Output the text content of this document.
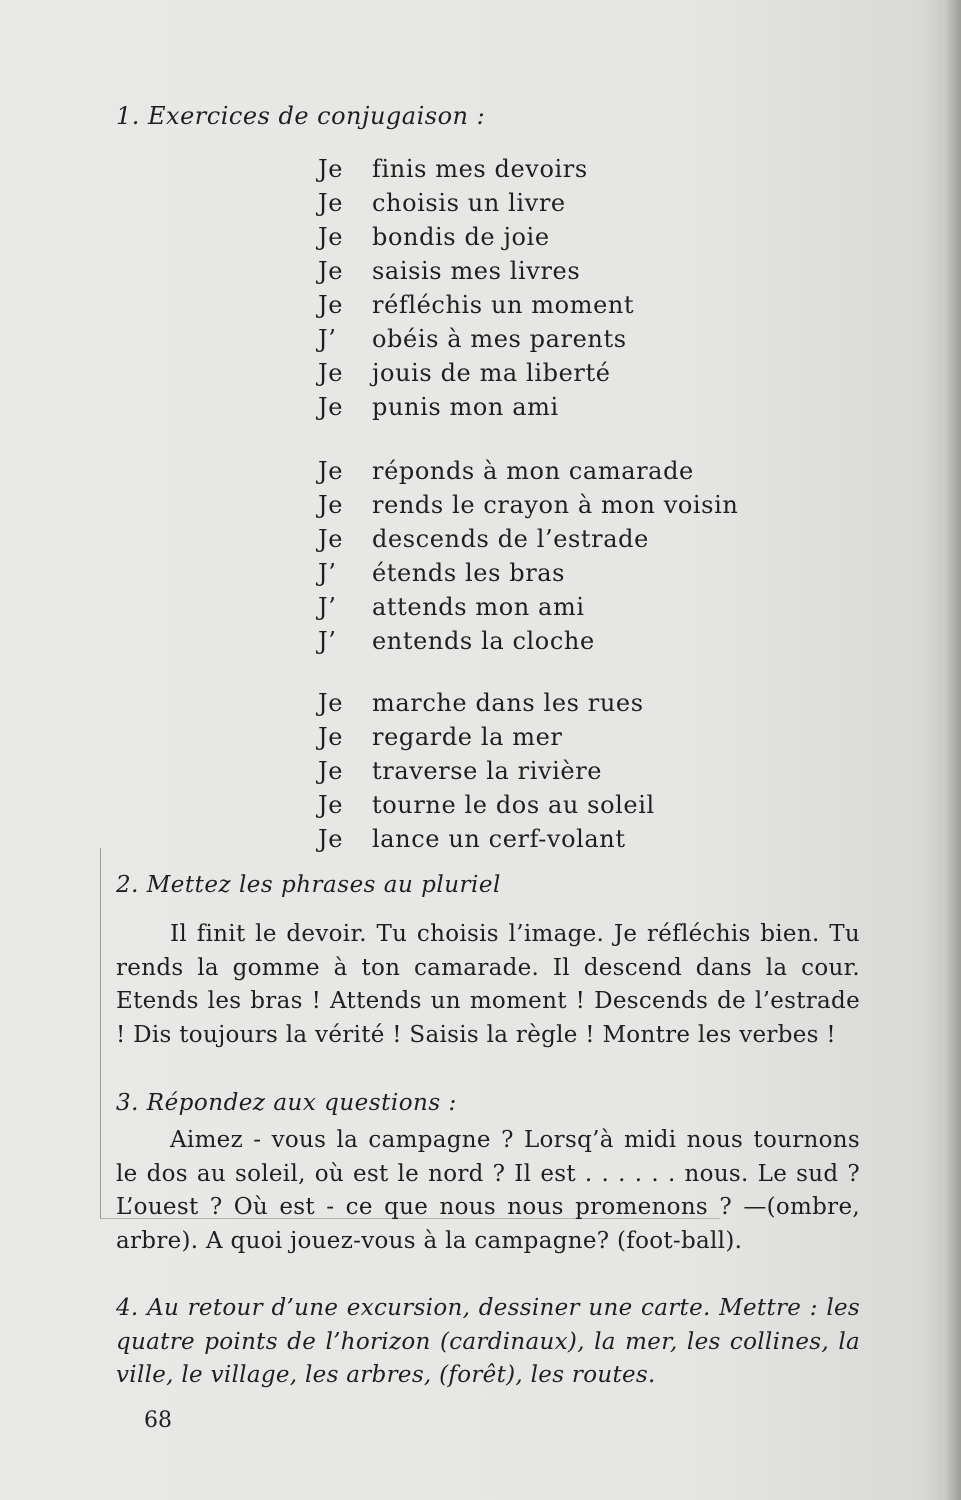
1. Exercices de conjugaison :
Je finis mes devoirs
Je choisis un livre
Je bondis de joie
Je saisis mes livres
Je réfléchis un moment
J’ obéis à mes parents
Je jouis de ma liberté
Je punis mon ami
Je réponds à mon camarade
Je rends le crayon à mon voisin
Je descends de l’estrade
J’ étends les bras
J’ attends mon ami
J’ entends la cloche
Je marche dans les rues
Je regarde la mer
Je traverse la rivière
Je tourne le dos au soleil
Je lance un cerf-volant
2. Mettez les phrases au pluriel
Il finit le devoir. Tu choisis l’image. Je réfléchis bien. Tu rends la gomme à ton camarade. Il descend dans la cour. Etends les bras ! Attends un moment ! Descends de l’estrade ! Dis toujours la vérité ! Saisis la règle ! Montre les verbes !
3. Répondez aux questions :
Aimez - vous la campagne ? Lorsq’à midi nous tournons le dos au soleil, où est le nord ? Il est . . . . . . nous. Le sud ? L’ouest ? Où est - ce que nous nous promenons ? —(ombre, arbre). A quoi jouez-vous à la campagne? (foot-ball).
4. Au retour d’une excursion, dessiner une carte. Mettre : les quatre points de l’horizon (cardinaux), la mer, les collines, la ville, le village, les arbres, (forêt), les routes.
68
